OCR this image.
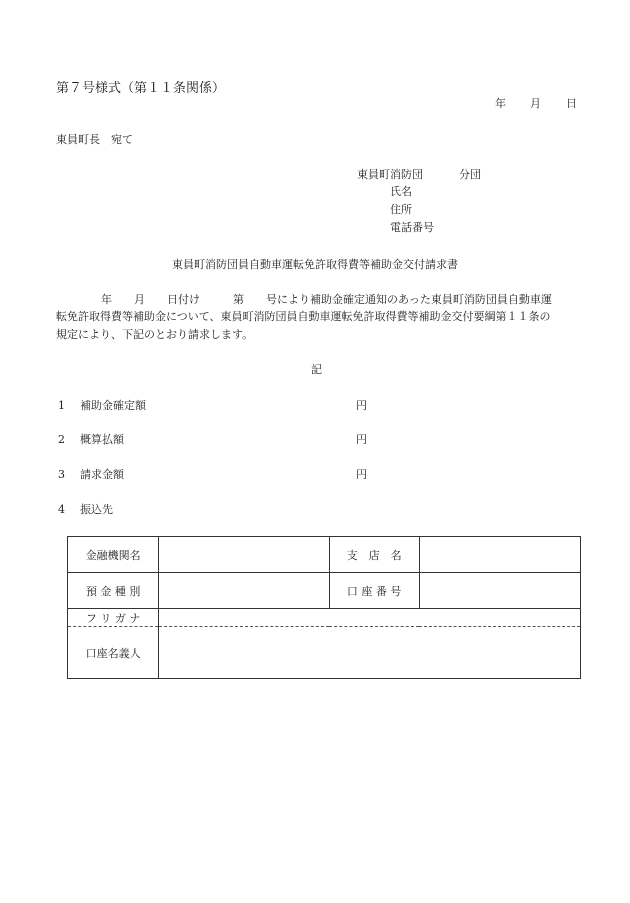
第７号様式（第１１条関係）
年 月 日
東員町長　宛て
東員町消防団	分団
氏名
住所
電話番号
東員町消防団員自動車運転免許取得費等補助金交付請求書
年　　月　　日付け　　　第　　号により補助金確定通知のあった東員町消防団員自動車運
転免許取得費等補助金について、東員町消防団員自動車運転免許取得費等補助金交付要綱第１１条の
規定により、下記のとおり請求します。
記
1 補助金確定額	円
2 概算払額	円
3 請求金額	円
4 振込先
金融機関名		支　店　名	
預 金 種 別		口 座 番 号	
フ リ ガ ナ			
口座名義人			
